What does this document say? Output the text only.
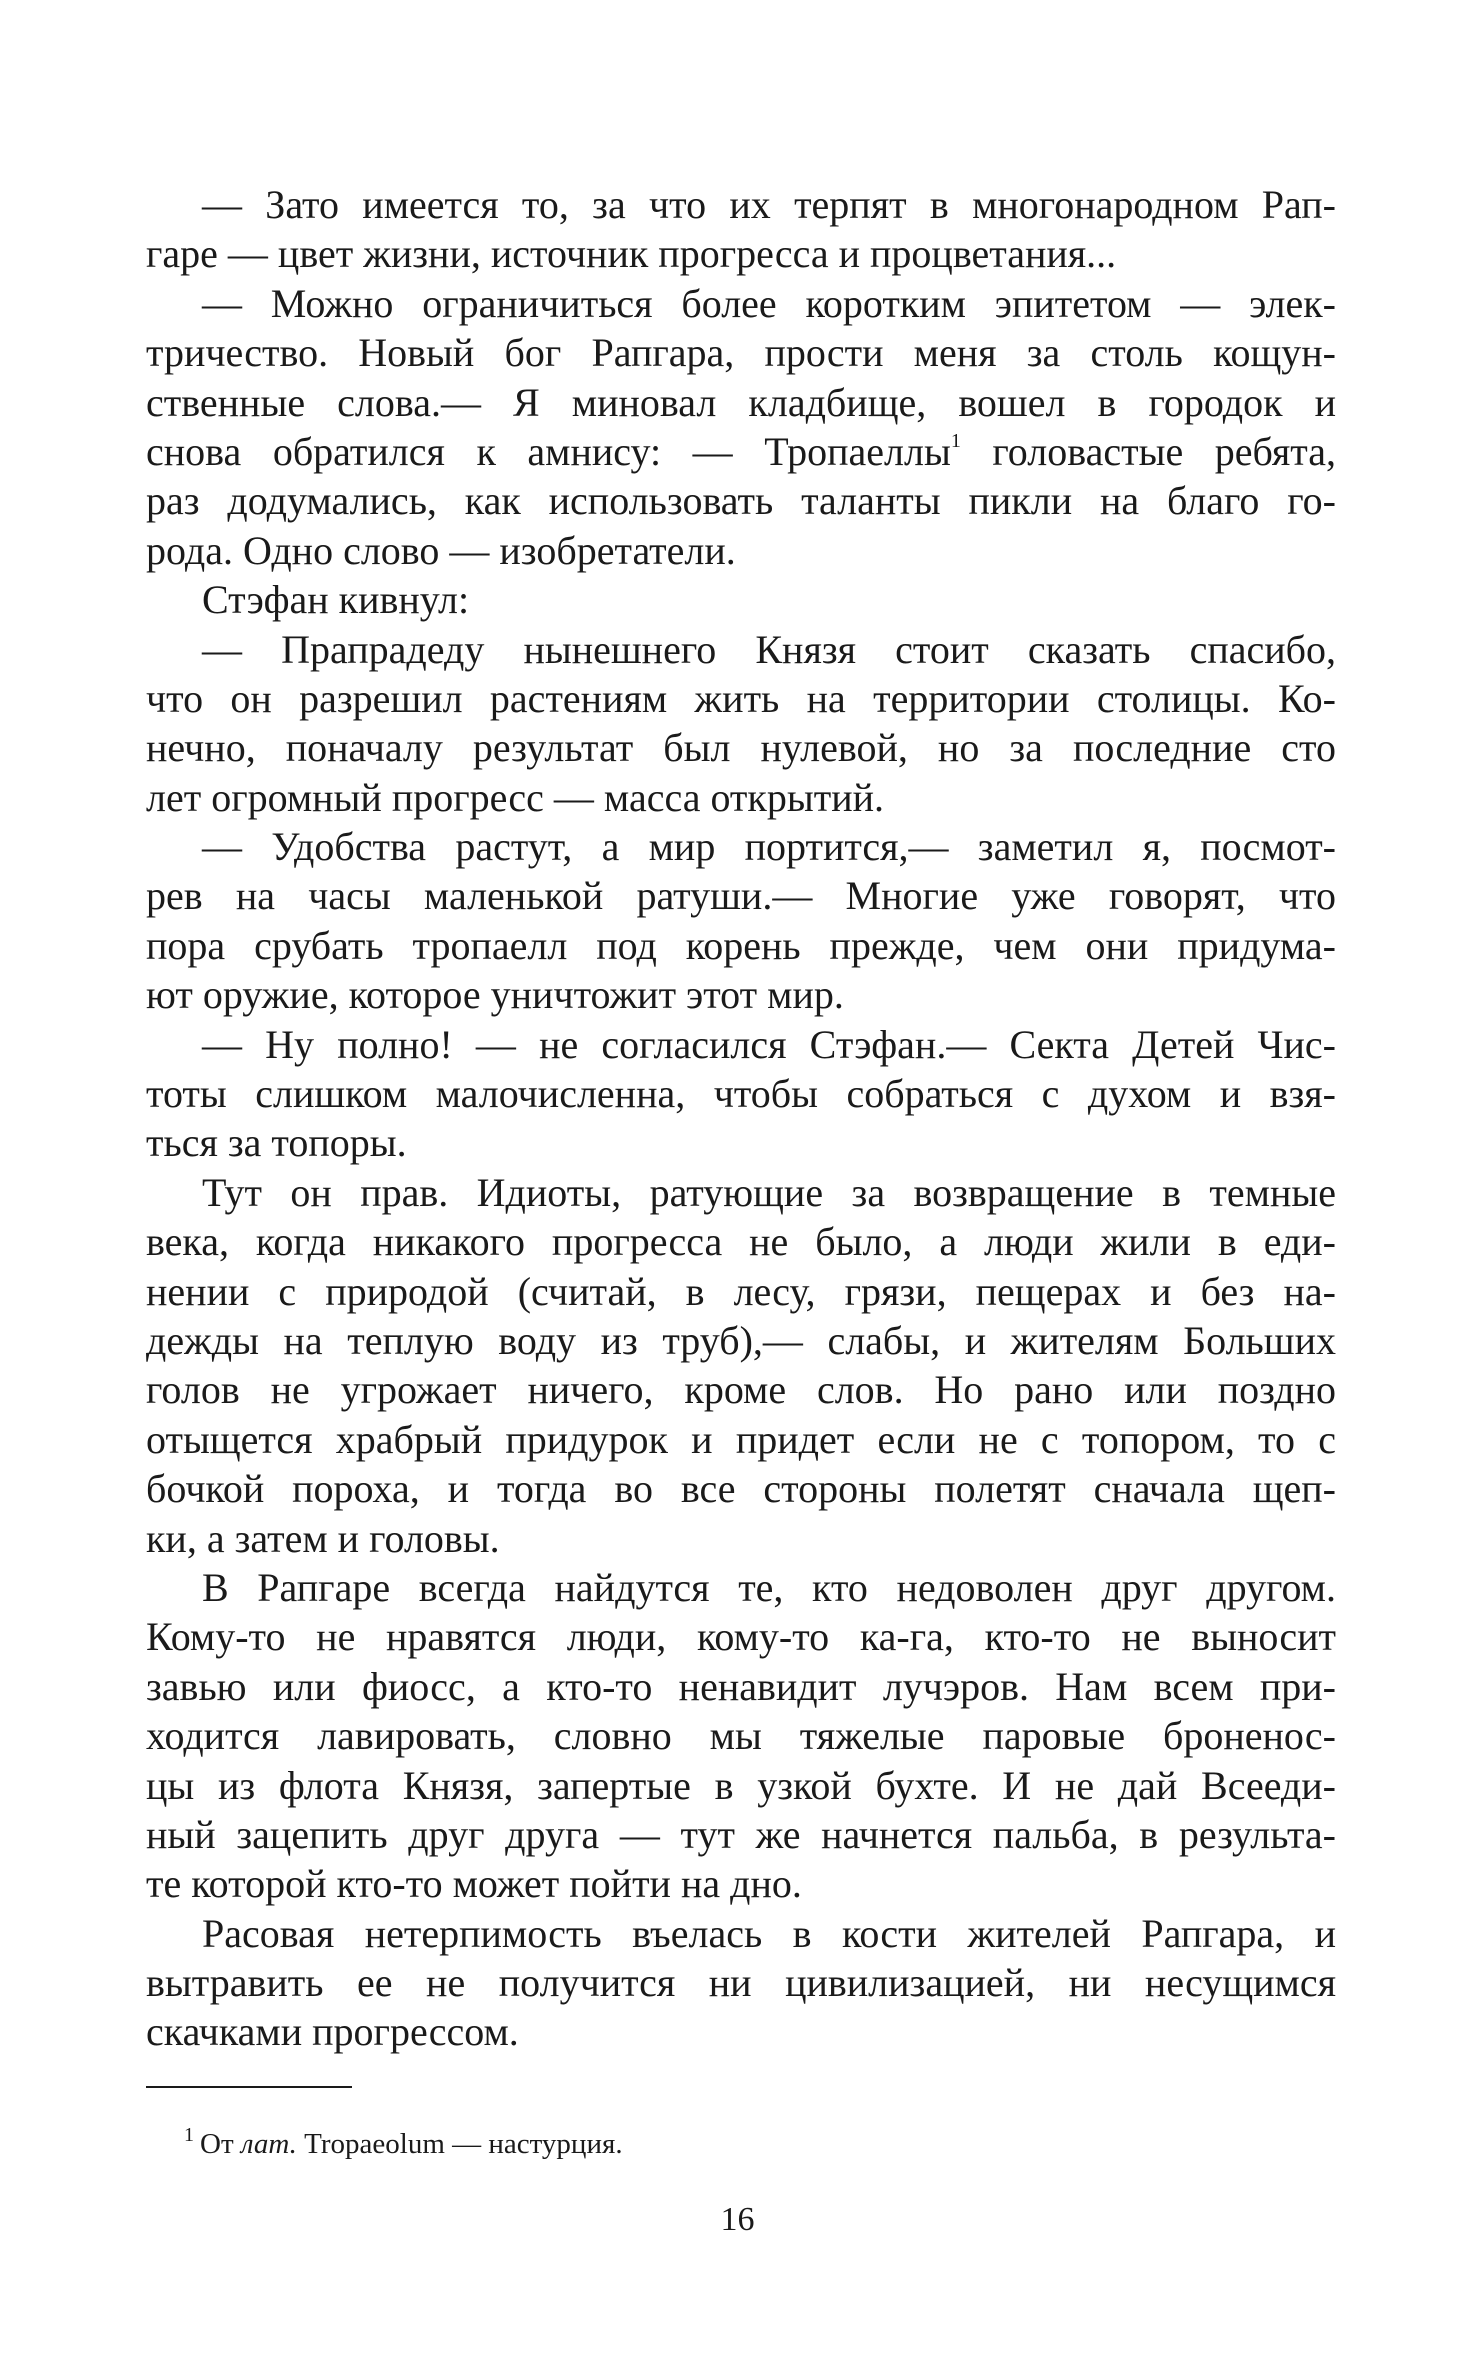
— Зато имеется то, за что их терпят в многонародном Рап-
гаре — цвет жизни, источник прогресса и процветания...
— Можно ограничиться более коротким эпитетом — элек-
тричество. Новый бог Рапгара, прости меня за столь кощун-
ственные слова.— Я миновал кладбище, вошел в городок и
снова обратился к амнису: — Тропаеллы$^1$ головастые ребята,
раз додумались, как использовать таланты пикли на благо го-
рода. Одно слово — изобретатели.
Стэфан кивнул:
— Прапрадеду нынешнего Князя стоит сказать спасибо,
что он разрешил растениям жить на территории столицы. Ко-
нечно, поначалу результат был нулевой, но за последние сто
лет огромный прогресс — масса открытий.
— Удобства растут, а мир портится,— заметил я, посмот-
рев на часы маленькой ратуши.— Многие уже говорят, что
пора срубать тропаелл под корень прежде, чем они придума-
ют оружие, которое уничтожит этот мир.
— Ну полно! — не согласился Стэфан.— Секта Детей Чис-
тоты слишком малочисленна, чтобы собраться с духом и взя-
ться за топоры.
Тут он прав. Идиоты, ратующие за возвращение в темные
века, когда никакого прогресса не было, а люди жили в еди-
нении с природой (считай, в лесу, грязи, пещерах и без на-
дежды на теплую воду из труб),— слабы, и жителям Больших
голов не угрожает ничего, кроме слов. Но рано или поздно
отыщется храбрый придурок и придет если не с топором, то с
бочкой пороха, и тогда во все стороны полетят сначала щеп-
ки, а затем и головы.
В Рапгаре всегда найдутся те, кто недоволен друг другом.
Кому-то не нравятся люди, кому-то ка-га, кто-то не выносит
завью или фиосс, а кто-то ненавидит лучэров. Нам всем при-
ходится лавировать, словно мы тяжелые паровые броненос-
цы из флота Князя, запертые в узкой бухте. И не дай Всееди-
ный зацепить друг друга — тут же начнется пальба, в результа-
те которой кто-то может пойти на дно.
Расовая нетерпимость въелась в кости жителей Рапгара, и
вытравить ее не получится ни цивилизацией, ни несущимся
скачками прогрессом.
$^1$ От лат. Tropaeolum — настурция.
16
